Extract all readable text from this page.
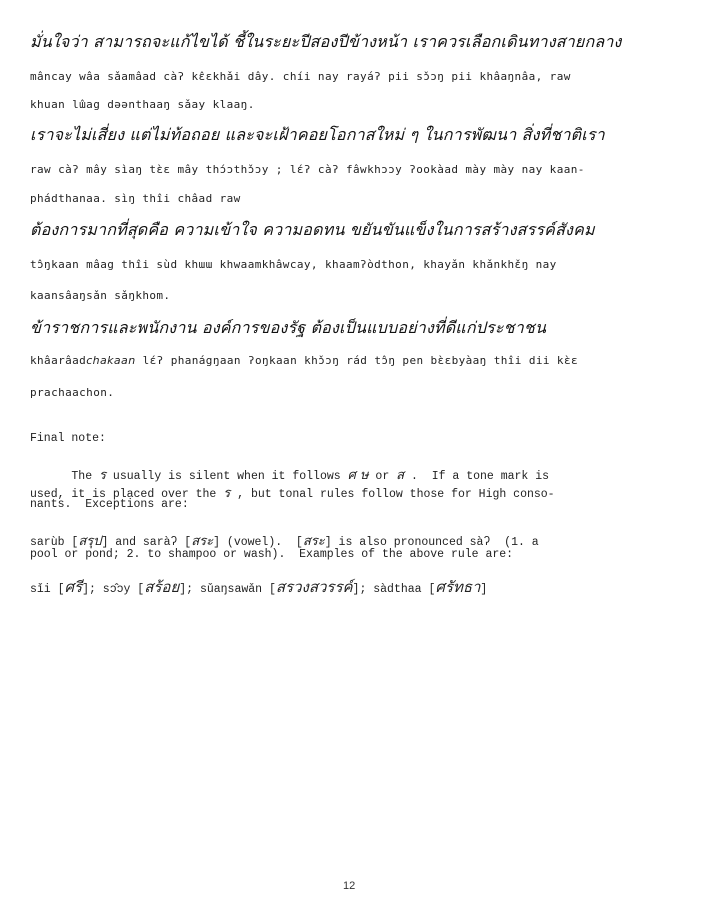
มั่นใจว่า สามารถจะแก้ไขได้ ชี้ในระยะปีสองปีข้างหน้า เราควรเลือกเดินทางสายกลาง
mâncay wâa sǎamâad càʔ kɛ̂ɛkhǎi dây. chíi nay rayáʔ pii sɔ̌ɔŋ pii khâaŋnâa, raw
khuan lɯ̂ag dəənthaaŋ sǎay klaaŋ.
เราจะไม่เสี่ยง แต่ไม่ท้อถอย และจะเฝ้าคอยโอกาสใหม่ ๆ ในการพัฒนา สิ่งที่ชาติเรา
raw càʔ mây sìaŋ tɛ̀ɛ mây thɔ́ɔthɔ̌ɔy ; lɛ́ʔ càʔ fâwkhɔɔy ʔookàad mày mày nay kaan-
phádthanaa. sìŋ thîi châad raw
ต้องการมากที่สุดคือ ความเข้าใจ ความอดทน ขยันขันแข็งในการสร้างสรรค์สังคม
tɔ̂ŋkaan mâag thîi sùd khɯɯ khwaamkhâwcay, khaamʔòdthon, khayǎn khǎnkhɛ̌ŋ nay
kaansâaŋsǎn sǎŋkhom.
ข้าราชการและพนักงาน องค์การของรัฐ ต้องเป็นแบบอย่างที่ดีแก่ประชาชน
khâarâadchakaan lɛ́ʔ phanágŋaan ʔoŋkaan khɔ̌ɔŋ rád tɔ̂ŋ pen bɛ̀ɛbyàaŋ thîi dii kɛ̀ɛ
prachaachon.
Final note:
The ร usually is silent when it follows ศ ษ or ส .  If a tone mark is
used, it is placed over the ร , but tonal rules follow those for High conso-
nants.  Exceptions are:
sarùb [สรุป] and saràʔ [สระ] (vowel).  [สระ] is also pronounced sàʔ  (1. a
pool or pond; 2. to shampoo or wash).  Examples of the above rule are:
sǐi [ศรี]; sɔ̂ɔy [สร้อย]; sǔaŋsawǎn [สรวงสวรรค์]; sàdthaa [ศรัทธา]
12
